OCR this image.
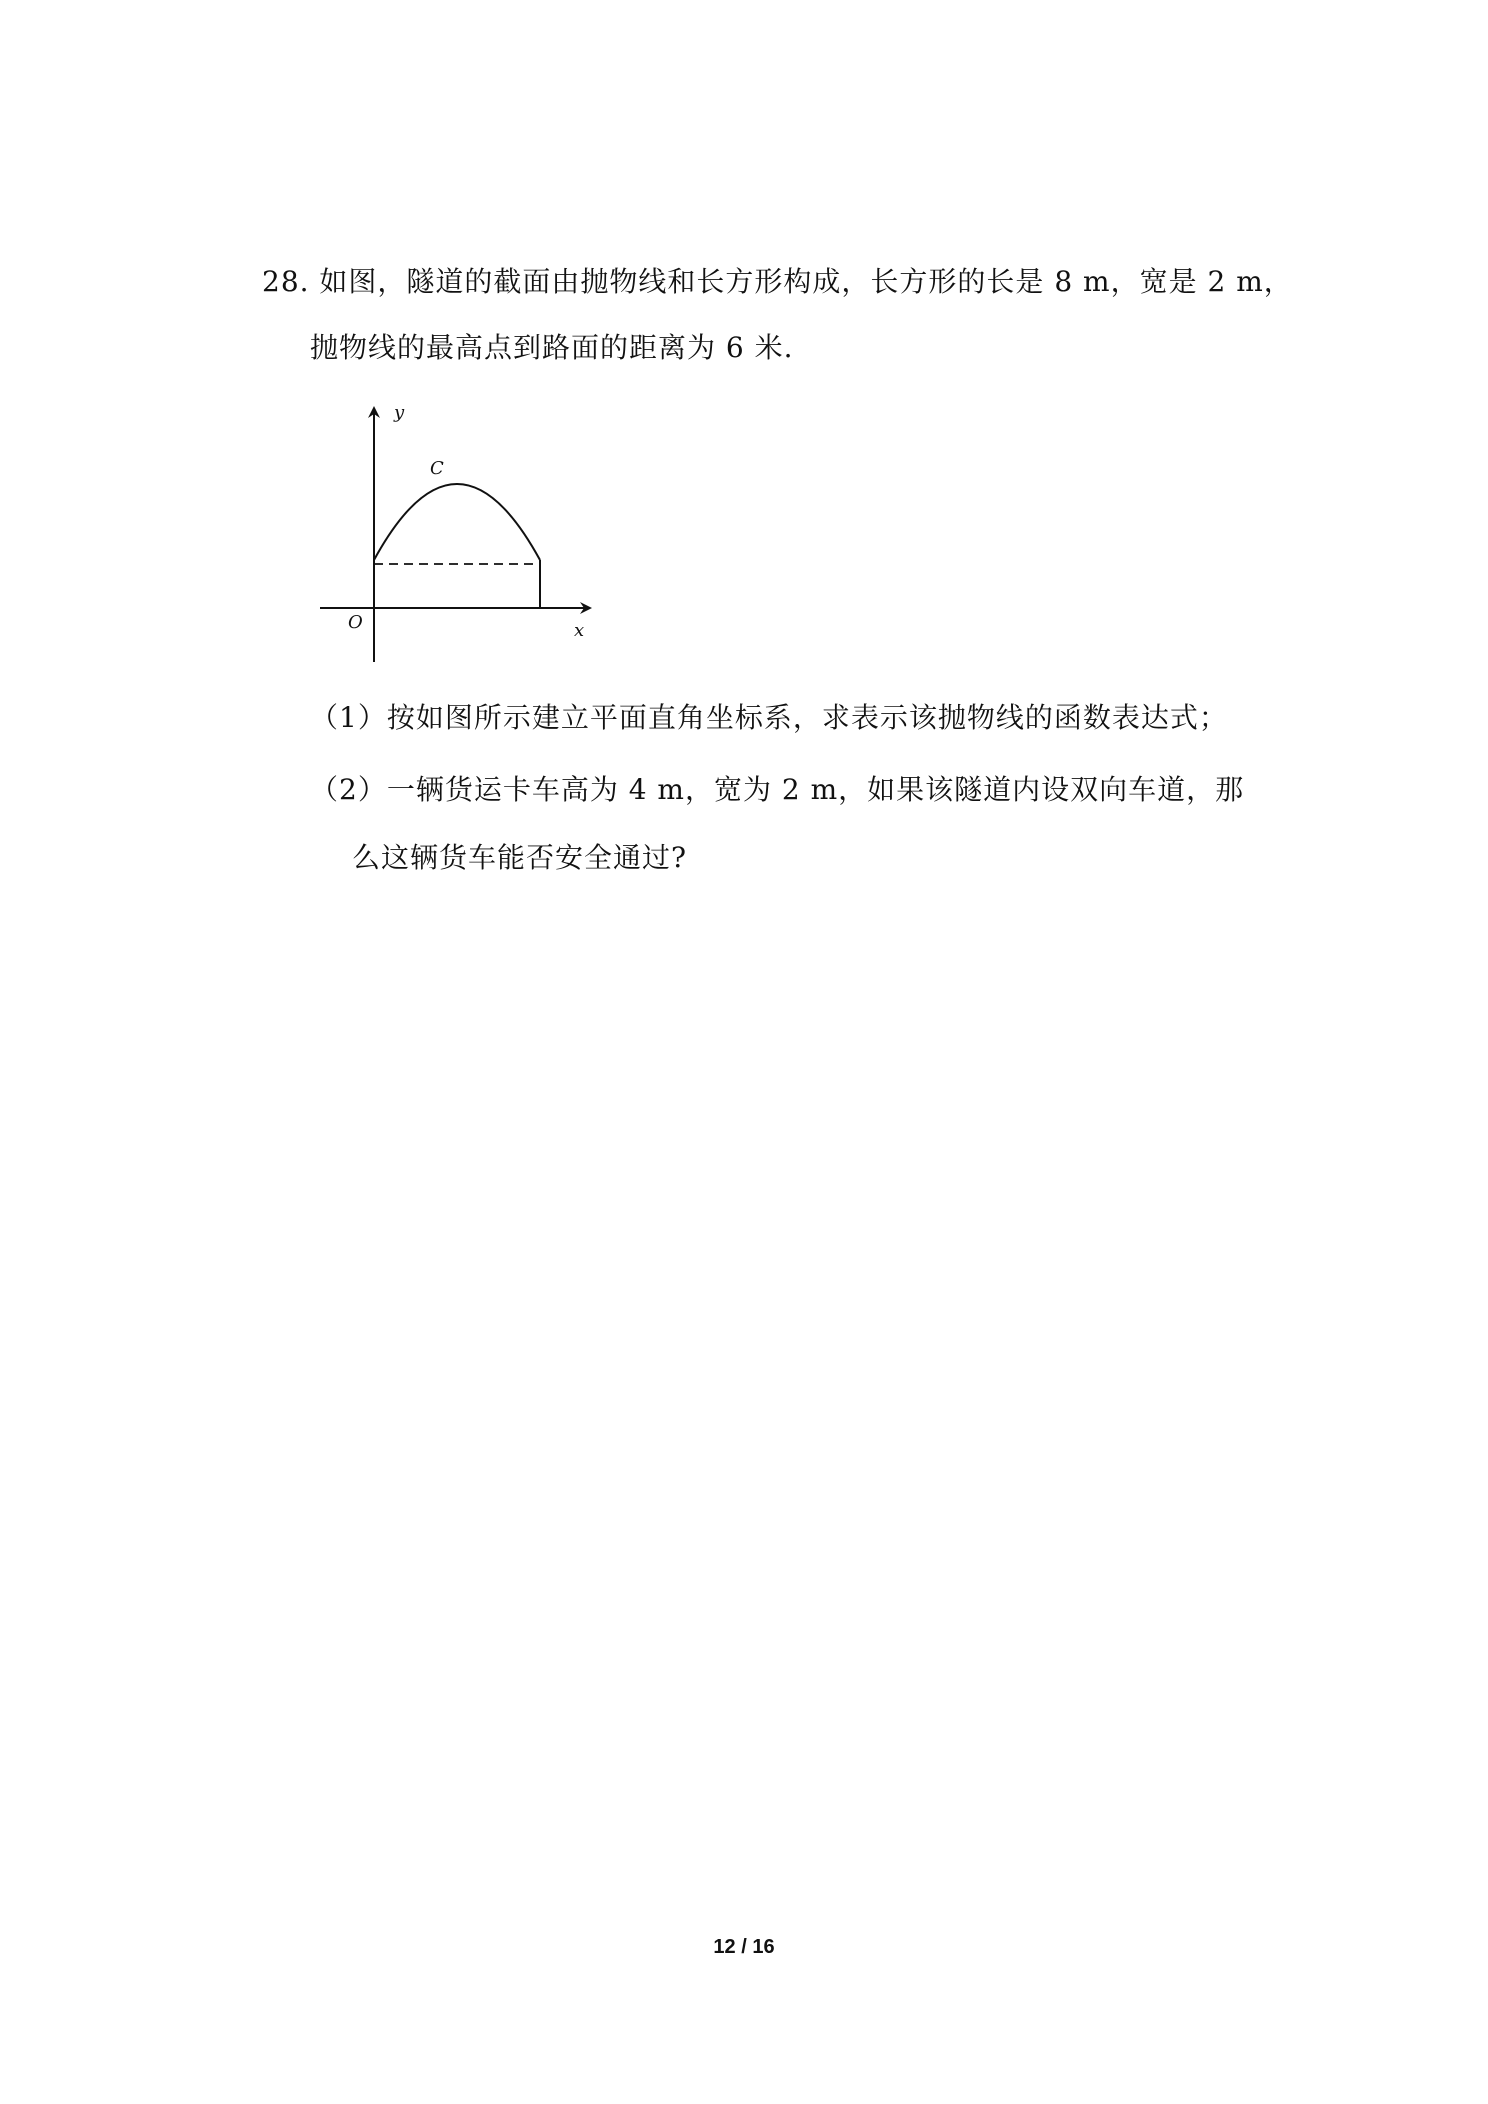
28. 如图，隧道的截面由抛物线和长方形构成，长方形的长是 8 m，宽是 2 m，
抛物线的最高点到路面的距离为 6 米.
y
C
O	x
（1）按如图所示建立平面直角坐标系，求表示该抛物线的函数表达式；
（2）一辆货运卡车高为 4 m，宽为 2 m，如果该隧道内设双向车道，那
么这辆货车能否安全通过?
12 / 16
